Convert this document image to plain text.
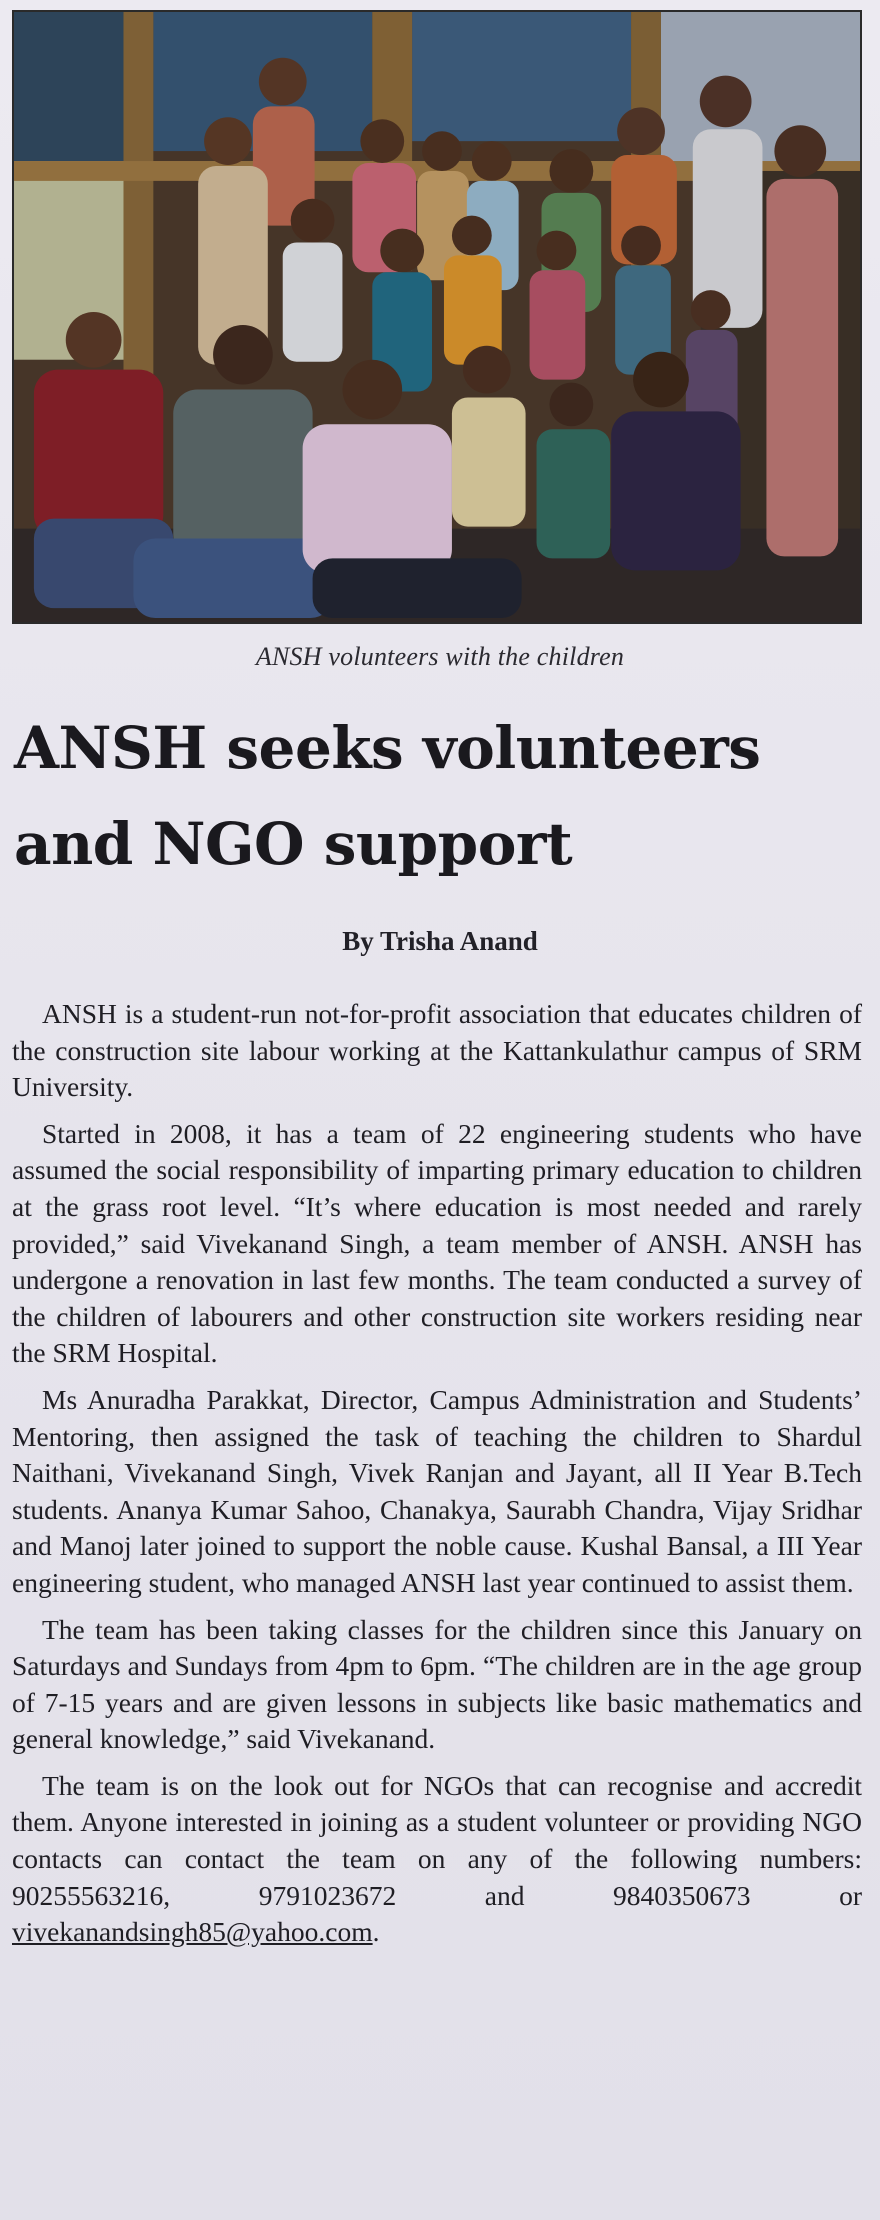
ANSH volunteers with the children
ANSH seeks volunteers
and NGO support
By Trisha Anand

ANSH is a student-run not-for-profit association that educates children of the construction site labour working at the Kattankulathur campus of SRM University.

Started in 2008, it has a team of 22 engineering students who have assumed the social responsibility of imparting primary education to children at the grass root level. “It’s where education is most needed and rarely provided,” said Vivekanand Singh, a team member of ANSH. ANSH has undergone a renovation in last few months. The team conducted a survey of the children of labourers and other construction site workers residing near the SRM Hospital.

Ms Anuradha Parakkat, Director, Campus Administration and Students’ Mentoring, then assigned the task of teaching the children to Shardul Naithani, Vivekanand Singh, Vivek Ranjan and Jayant, all II Year B.Tech students. Ananya Kumar Sahoo, Chanakya, Saurabh Chandra, Vijay Sridhar and Manoj later joined to support the noble cause. Kushal Bansal, a III Year engineering student, who managed ANSH last year continued to assist them.

The team has been taking classes for the children since this January on Saturdays and Sundays from 4pm to 6pm. “The children are in the age group of 7-15 years and are given lessons in subjects like basic mathematics and general knowledge,” said Vivekanand.

The team is on the look out for NGOs that can recognise and accredit them. Anyone interested in joining as a student volunteer or providing NGO contacts can contact the team on any of the following numbers: 90255563216, 9791023672 and 9840350673 or vivekanandsingh85@yahoo.com.
